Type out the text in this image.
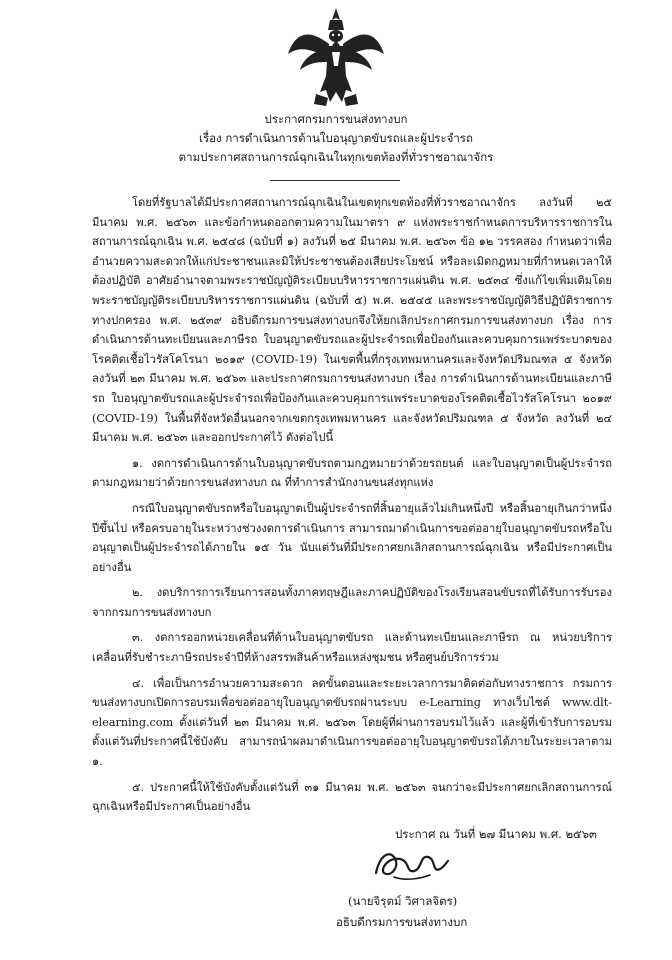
ประกาศกรมการขนส่งทางบก
เรื่อง การดำเนินการด้านใบอนุญาตขับรถและผู้ประจำรถ
ตามประกาศสถานการณ์ฉุกเฉินในทุกเขตท้องที่ทั่วราชอาณาจักร

โดยที่รัฐบาลได้มีประกาศสถานการณ์ฉุกเฉินในเขตทุกเขตท้องที่ทั่วราชอาณาจักร ลงวันที่ ๒๕ มีนาคม พ.ศ. ๒๕๖๓ และข้อกำหนดออกตามความในมาตรา ๙ แห่งพระราชกำหนดการบริหารราชการในสถานการณ์ฉุกเฉิน พ.ศ. ๒๕๔๘ (ฉบับที่ ๑) ลงวันที่ ๒๕ มีนาคม พ.ศ. ๒๕๖๓ ข้อ ๑๒ วรรคสอง กำหนดว่าเพื่ออำนวยความสะดวกให้แก่ประชาชนและมิให้ประชาชนต้องเสียประโยชน์ หรือละเมิดกฎหมายที่กำหนดเวลาให้ต้องปฏิบัติ อาศัยอำนาจตามพระราชบัญญัติระเบียบบริหารราชการแผ่นดิน พ.ศ. ๒๕๓๔ ซึ่งแก้ไขเพิ่มเติมโดยพระราชบัญญัติระเบียบบริหารราชการแผ่นดิน (ฉบับที่ ๕) พ.ศ. ๒๕๔๕ และพระราชบัญญัติวิธีปฏิบัติราชการทางปกครอง พ.ศ. ๒๕๓๙ อธิบดีกรมการขนส่งทางบกจึงให้ยกเลิกประกาศกรมการขนส่งทางบก เรื่อง การดำเนินการด้านทะเบียนและภาษีรถ ใบอนุญาตขับรถและผู้ประจำรถเพื่อป้องกันและควบคุมการแพร่ระบาดของโรคติดเชื้อไวรัสโคโรนา ๒๐๑๙ (COVID-19) ในเขตพื้นที่กรุงเทพมหานครและจังหวัดปริมณฑล ๕ จังหวัด ลงวันที่ ๒๓ มีนาคม พ.ศ. ๒๕๖๓ และประกาศกรมการขนส่งทางบก เรื่อง การดำเนินการด้านทะเบียนและภาษีรถ ใบอนุญาตขับรถและผู้ประจำรถเพื่อป้องกันและควบคุมการแพร่ระบาดของโรคติดเชื้อไวรัสโคโรนา ๒๐๑๙ (COVID-19) ในพื้นที่จังหวัดอื่นนอกจากเขตกรุงเทพมหานคร และจังหวัดปริมณฑล ๕ จังหวัด ลงวันที่ ๒๔ มีนาคม พ.ศ. ๒๕๖๓ และออกประกาศไว้ ดังต่อไปนี้

๑. งดการดำเนินการด้านใบอนุญาตขับรถตามกฎหมายว่าด้วยรถยนต์ และใบอนุญาตเป็นผู้ประจำรถตามกฎหมายว่าด้วยการขนส่งทางบก ณ ที่ทำการสำนักงานขนส่งทุกแห่ง

กรณีใบอนุญาตขับรถหรือใบอนุญาตเป็นผู้ประจำรถที่สิ้นอายุแล้วไม่เกินหนึ่งปี หรือสิ้นอายุเกินกว่าหนึ่งปีขึ้นไป หรือครบอายุในระหว่างช่วงงดการดำเนินการ สามารถมาดำเนินการขอต่ออายุใบอนุญาตขับรถหรือใบอนุญาตเป็นผู้ประจำรถได้ภายใน ๑๕ วัน นับแต่วันที่มีประกาศยกเลิกสถานการณ์ฉุกเฉิน หรือมีประกาศเป็นอย่างอื่น

๒. งดบริการการเรียนการสอนทั้งภาคทฤษฎีและภาคปฏิบัติของโรงเรียนสอนขับรถที่ได้รับการรับรองจากกรมการขนส่งทางบก

๓. งดการออกหน่วยเคลื่อนที่ด้านใบอนุญาตขับรถ และด้านทะเบียนและภาษีรถ ณ หน่วยบริการเคลื่อนที่รับชำระภาษีรถประจำปีที่ห้างสรรพสินค้าหรือแหล่งชุมชน หรือศูนย์บริการร่วม

๔. เพื่อเป็นการอำนวยความสะดวก ลดขั้นตอนและระยะเวลาการมาติดต่อกับทางราชการ กรมการขนส่งทางบกเปิดการอบรมเพื่อขอต่ออายุใบอนุญาตขับรถผ่านระบบ e-Learning ทางเว็บไซต์ www.dlt-elearning.com ตั้งแต่วันที่ ๒๓ มีนาคม พ.ศ. ๒๕๖๓ โดยผู้ที่ผ่านการอบรมไว้แล้ว และผู้ที่เข้ารับการอบรมตั้งแต่วันที่ประกาศนี้ใช้บังคับ สามารถนำผลมาดำเนินการขอต่ออายุใบอนุญาตขับรถได้ภายในระยะเวลาตาม ๑.

๕. ประกาศนี้ให้ใช้บังคับตั้งแต่วันที่ ๓๑ มีนาคม พ.ศ. ๒๕๖๓ จนกว่าจะมีประกาศยกเลิกสถานการณ์ฉุกเฉินหรือมีประกาศเป็นอย่างอื่น

ประกาศ ณ วันที่ ๒๗ มีนาคม พ.ศ. ๒๕๖๓
(นายจิรุตม์ วิศาลจิตร)
อธิบดีกรมการขนส่งทางบก
